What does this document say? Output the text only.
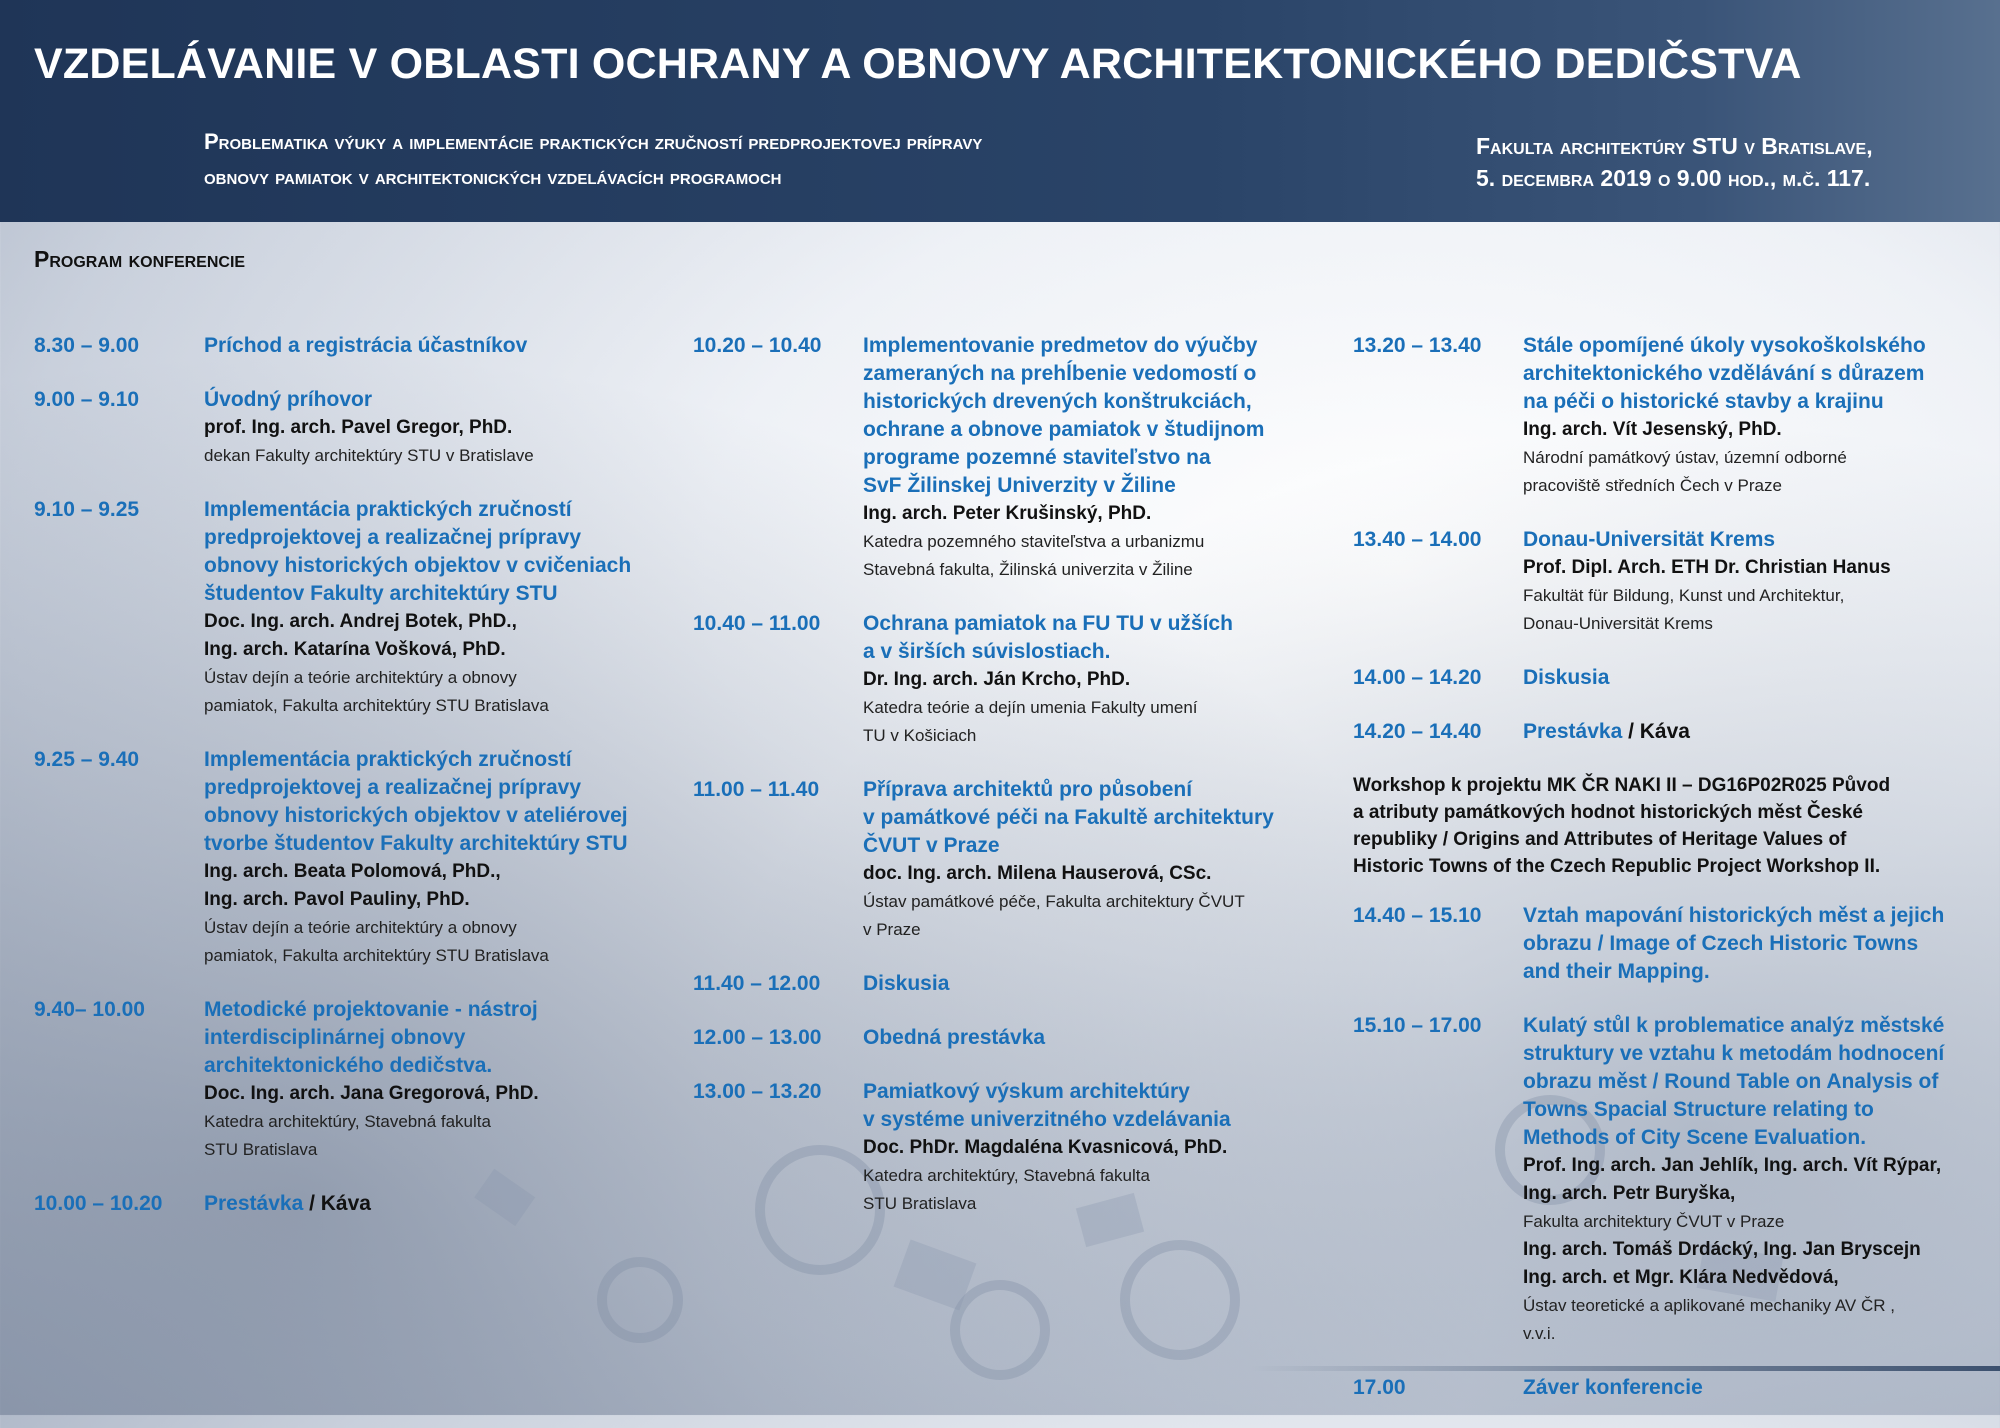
VZDELÁVANIE V OBLASTI OCHRANY A OBNOVY ARCHITEKTONICKÉHO DEDIČSTVA
Problematika výuky a implementácie praktických zručností predprojektovej prípravy
obnovy pamiatok v architektonických vzdelávacích programoch
Fakulta architektúry STU v Bratislave,
5. decembra 2019 o 9.00 hod., m.č. 117.
Program konferencie
8.30 – 9.00	Príchod a registrácia účastníkov
9.00 – 9.10	Úvodný príhovor
prof. Ing. arch. Pavel Gregor, PhD.
dekan Fakulty architektúry STU v Bratislave
9.10 – 9.25	Implementácia praktických zručností
predprojektovej a realizačnej prípravy
obnovy historických objektov v cvičeniach
študentov Fakulty architektúry STU
Doc. Ing. arch. Andrej Botek, PhD.,
Ing. arch. Katarína Vošková, PhD.
Ústav dejín a teórie architektúry a obnovy
pamiatok, Fakulta architektúry STU Bratislava
9.25 – 9.40	Implementácia praktických zručností
predprojektovej a realizačnej prípravy
obnovy historických objektov v ateliérovej
tvorbe študentov Fakulty architektúry STU
Ing. arch. Beata Polomová, PhD.,
Ing. arch. Pavol Pauliny, PhD.
Ústav dejín a teórie architektúry a obnovy
pamiatok, Fakulta architektúry STU Bratislava
9.40– 10.00	Metodické projektovanie - nástroj
interdisciplinárnej obnovy
architektonického dedičstva.
Doc. Ing. arch. Jana Gregorová, PhD.
Katedra architektúry, Stavebná fakulta
STU Bratislava
10.00 – 10.20	Prestávka / Káva
10.20 – 10.40	Implementovanie predmetov do výučby
zameraných na prehĺbenie vedomostí o
historických drevených konštrukciách,
ochrane a obnove pamiatok v študijnom
programe pozemné staviteľstvo na
SvF Žilinskej Univerzity v Žiline
Ing. arch. Peter Krušinský, PhD.
Katedra pozemného staviteľstva a urbanizmu
Stavebná fakulta, Žilinská univerzita v Žiline
10.40 – 11.00	Ochrana pamiatok na FU TU v užších
a v širších súvislostiach.
Dr. Ing. arch. Ján Krcho, PhD.
Katedra teórie a dejín umenia Fakulty umení
TU v Košiciach
11.00 – 11.40	Příprava architektů pro působení
v památkové péči na Fakultě architektury
ČVUT v Praze
doc. Ing. arch. Milena Hauserová, CSc.
Ústav památkové péče, Fakulta architektury ČVUT
v Praze
11.40 – 12.00	Diskusia
12.00 – 13.00	Obedná prestávka
13.00 – 13.20	Pamiatkový výskum architektúry
v systéme univerzitného vzdelávania
Doc. PhDr. Magdaléna Kvasnicová, PhD.
Katedra architektúry, Stavebná fakulta
STU Bratislava
13.20 – 13.40	Stále opomíjené úkoly vysokoškolského
architektonického vzdělávání s důrazem
na péči o historické stavby a krajinu
Ing. arch. Vít Jesenský, PhD.
Národní památkový ústav, územní odborné
pracoviště středních Čech v Praze
13.40 – 14.00	Donau-Universität Krems
Prof. Dipl. Arch. ETH Dr. Christian Hanus
Fakultät für Bildung, Kunst und Architektur,
Donau-Universität Krems
14.00 – 14.20	Diskusia
14.20 – 14.40	Prestávka / Káva
Workshop k projektu MK ČR NAKI II – DG16P02R025 Původ
a atributy památkových hodnot historických měst České
republiky / Origins and Attributes of Heritage Values of
Historic Towns of the Czech Republic Project Workshop II.
14.40 – 15.10	Vztah mapování historických měst a jejich
obrazu / Image of Czech Historic Towns
and their Mapping.
15.10 – 17.00	Kulatý stůl k problematice analýz městské
struktury ve vztahu k metodám hodnocení
obrazu měst / Round Table on Analysis of
Towns Spacial Structure relating to
Methods of City Scene Evaluation.
Prof. Ing. arch. Jan Jehlík, Ing. arch. Vít Rýpar,
Ing. arch. Petr Buryška,
Fakulta architektury ČVUT v Praze
Ing. arch. Tomáš Drdácký, Ing. Jan Bryscejn
Ing. arch. et Mgr. Klára Nedvědová,
Ústav teoretické a aplikované mechaniky AV ČR ,
v.v.i.
17.00	Záver konferencie
